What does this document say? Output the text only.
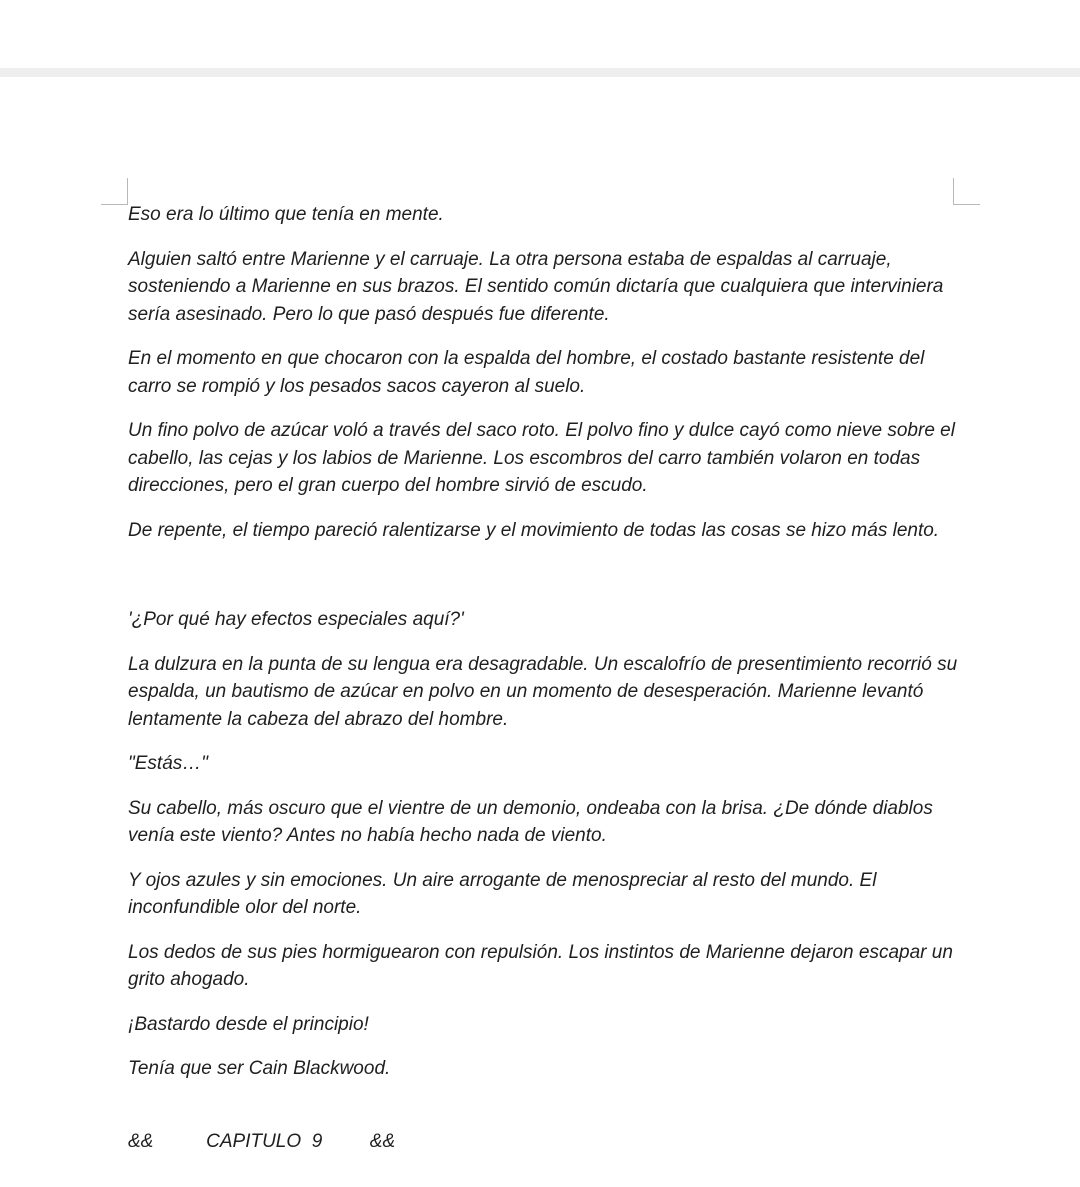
Eso era lo último que tenía en mente.

Alguien saltó entre Marienne y el carruaje. La otra persona estaba de espaldas al carruaje, sosteniendo a Marienne en sus brazos. El sentido común dictaría que cualquiera que interviniera sería asesinado. Pero lo que pasó después fue diferente.

En el momento en que chocaron con la espalda del hombre, el costado bastante resistente del carro se rompió y los pesados sacos cayeron al suelo.

Un fino polvo de azúcar voló a través del saco roto. El polvo fino y dulce cayó como nieve sobre el cabello, las cejas y los labios de Marienne. Los escombros del carro también volaron en todas direcciones, pero el gran cuerpo del hombre sirvió de escudo.

De repente, el tiempo pareció ralentizarse y el movimiento de todas las cosas se hizo más lento.

'¿Por qué hay efectos especiales aquí?'

La dulzura en la punta de su lengua era desagradable. Un escalofrío de presentimiento recorrió su espalda, un bautismo de azúcar en polvo en un momento de desesperación. Marienne levantó lentamente la cabeza del abrazo del hombre.

"Estás…"

Su cabello, más oscuro que el vientre de un demonio, ondeaba con la brisa. ¿De dónde diablos venía este viento? Antes no había hecho nada de viento.

Y ojos azules y sin emociones. Un aire arrogante de menospreciar al resto del mundo. El inconfundible olor del norte.

Los dedos de sus pies hormiguearon con repulsión. Los instintos de Marienne dejaron escapar un grito ahogado.

¡Bastardo desde el principio!

Tenía que ser Cain Blackwood.

&&          CAPITULO  9         &&
